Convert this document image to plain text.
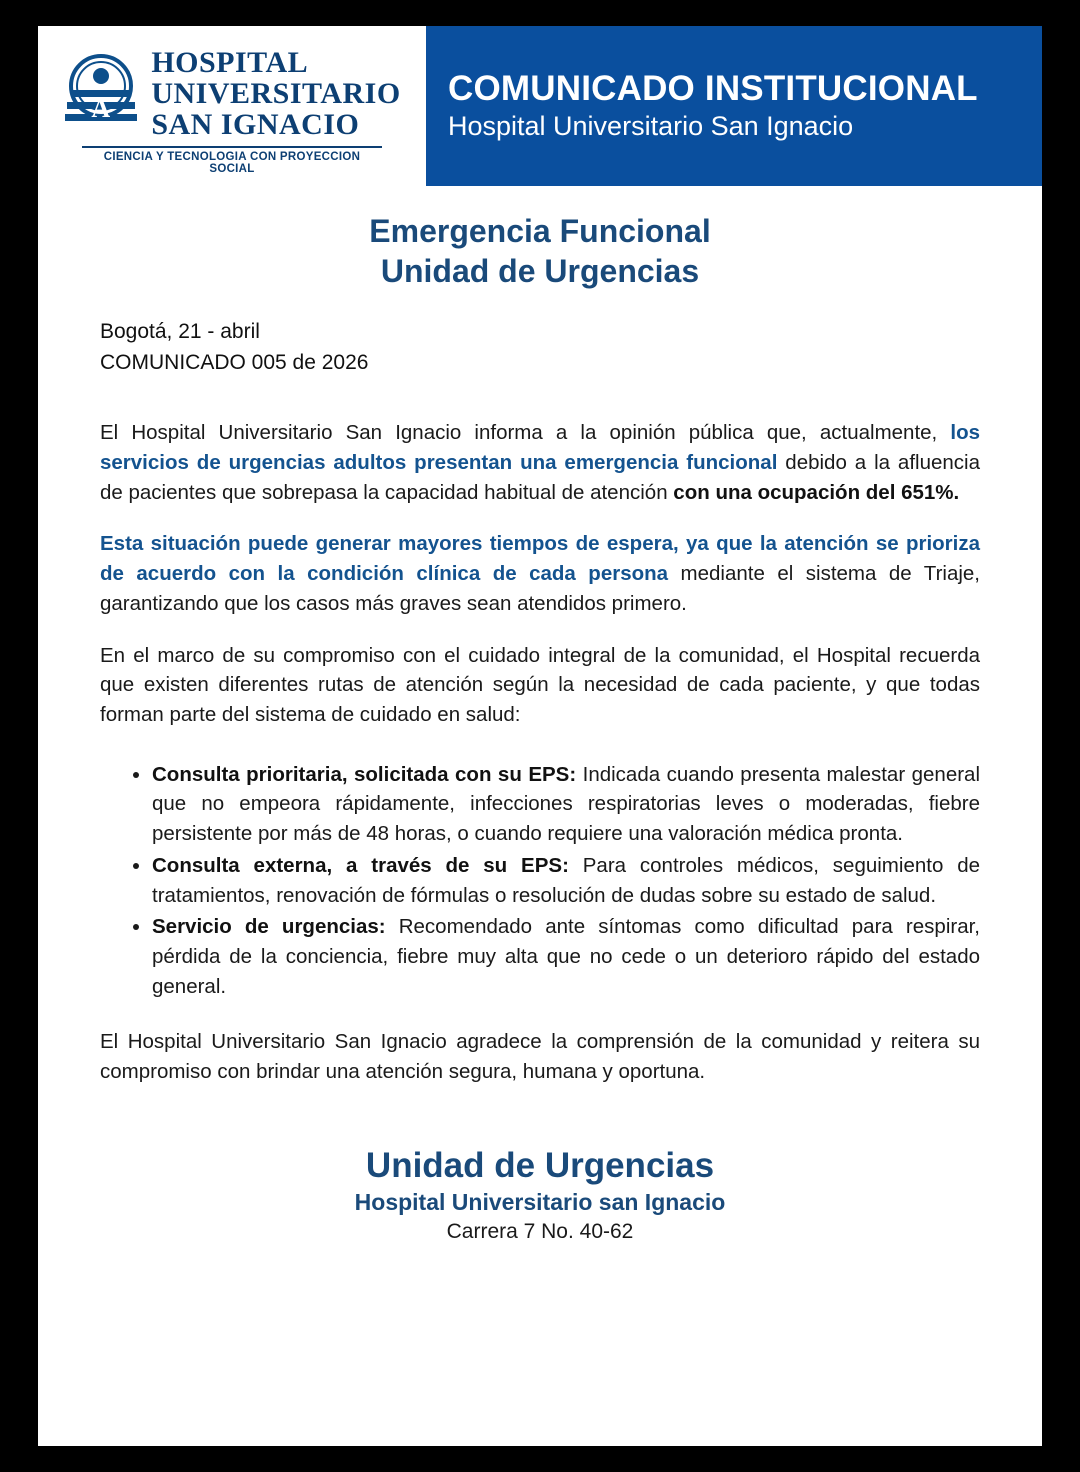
A
HOSPITAL
UNIVERSITARIO
SAN IGNACIO
CIENCIA Y TECNOLOGIA CON PROYECCION SOCIAL
COMUNICADO INSTITUCIONAL
Hospital Universitario San Ignacio
Emergencia Funcional
Unidad de Urgencias
Bogotá, 21 - abril
COMUNICADO 005 de 2026

El Hospital Universitario San Ignacio informa a la opinión pública que, actualmente, los servicios de urgencias adultos presentan una emergencia funcional debido a la afluencia de pacientes que sobrepasa la capacidad habitual de atención con una ocupación del 651%.

Esta situación puede generar mayores tiempos de espera, ya que la atención se prioriza de acuerdo con la condición clínica de cada persona mediante el sistema de Triaje, garantizando que los casos más graves sean atendidos primero.

En el marco de su compromiso con el cuidado integral de la comunidad, el Hospital recuerda que existen diferentes rutas de atención según la necesidad de cada paciente, y que todas forman parte del sistema de cuidado en salud:

• Consulta prioritaria, solicitada con su EPS: Indicada cuando presenta malestar general que no empeora rápidamente, infecciones respiratorias leves o moderadas, fiebre persistente por más de 48 horas, o cuando requiere una valoración médica pronta.
• Consulta externa, a través de su EPS: Para controles médicos, seguimiento de tratamientos, renovación de fórmulas o resolución de dudas sobre su estado de salud.
• Servicio de urgencias: Recomendado ante síntomas como dificultad para respirar, pérdida de la conciencia, fiebre muy alta que no cede o un deterioro rápido del estado general.

El Hospital Universitario San Ignacio agradece la comprensión de la comunidad y reitera su compromiso con brindar una atención segura, humana y oportuna.

Unidad de Urgencias
Hospital Universitario san Ignacio
Carrera 7 No. 40-62
